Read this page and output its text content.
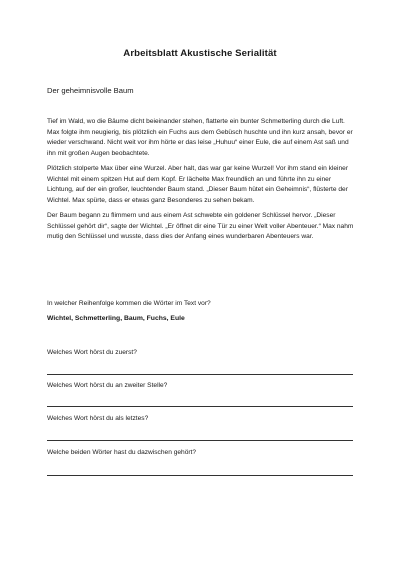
Arbeitsblatt Akustische Serialität
Der geheimnisvolle Baum

Tief im Wald, wo die Bäume dicht beieinander stehen, flatterte ein bunter Schmetterling durch die Luft. Max folgte ihm neugierig, bis plötzlich ein Fuchs aus dem Gebüsch huschte und ihn kurz ansah, bevor er wieder verschwand. Nicht weit vor ihm hörte er das leise „Huhuu“ einer Eule, die auf einem Ast saß und ihn mit großen Augen beobachtete.

Plötzlich stolperte Max über eine Wurzel. Aber halt, das war gar keine Wurzel! Vor ihm stand ein kleiner Wichtel mit einem spitzen Hut auf dem Kopf. Er lächelte Max freundlich an und führte ihn zu einer Lichtung, auf der ein großer, leuchtender Baum stand. „Dieser Baum hütet ein Geheimnis“, flüsterte der Wichtel. Max spürte, dass er etwas ganz Besonderes zu sehen bekam.

Der Baum begann zu flimmern und aus einem Ast schwebte ein goldener Schlüssel hervor. „Dieser Schlüssel gehört dir“, sagte der Wichtel. „Er öffnet dir eine Tür zu einer Welt voller Abenteuer.“ Max nahm mutig den Schlüssel und wusste, dass dies der Anfang eines wunderbaren Abenteuers war.

In welcher Reihenfolge kommen die Wörter im Text vor?
Wichtel, Schmetterling, Baum, Fuchs, Eule
Welches Wort hörst du zuerst?
Welches Wort hörst du an zweiter Stelle?
Welches Wort hörst du als letztes?
Welche beiden Wörter hast du dazwischen gehört?
